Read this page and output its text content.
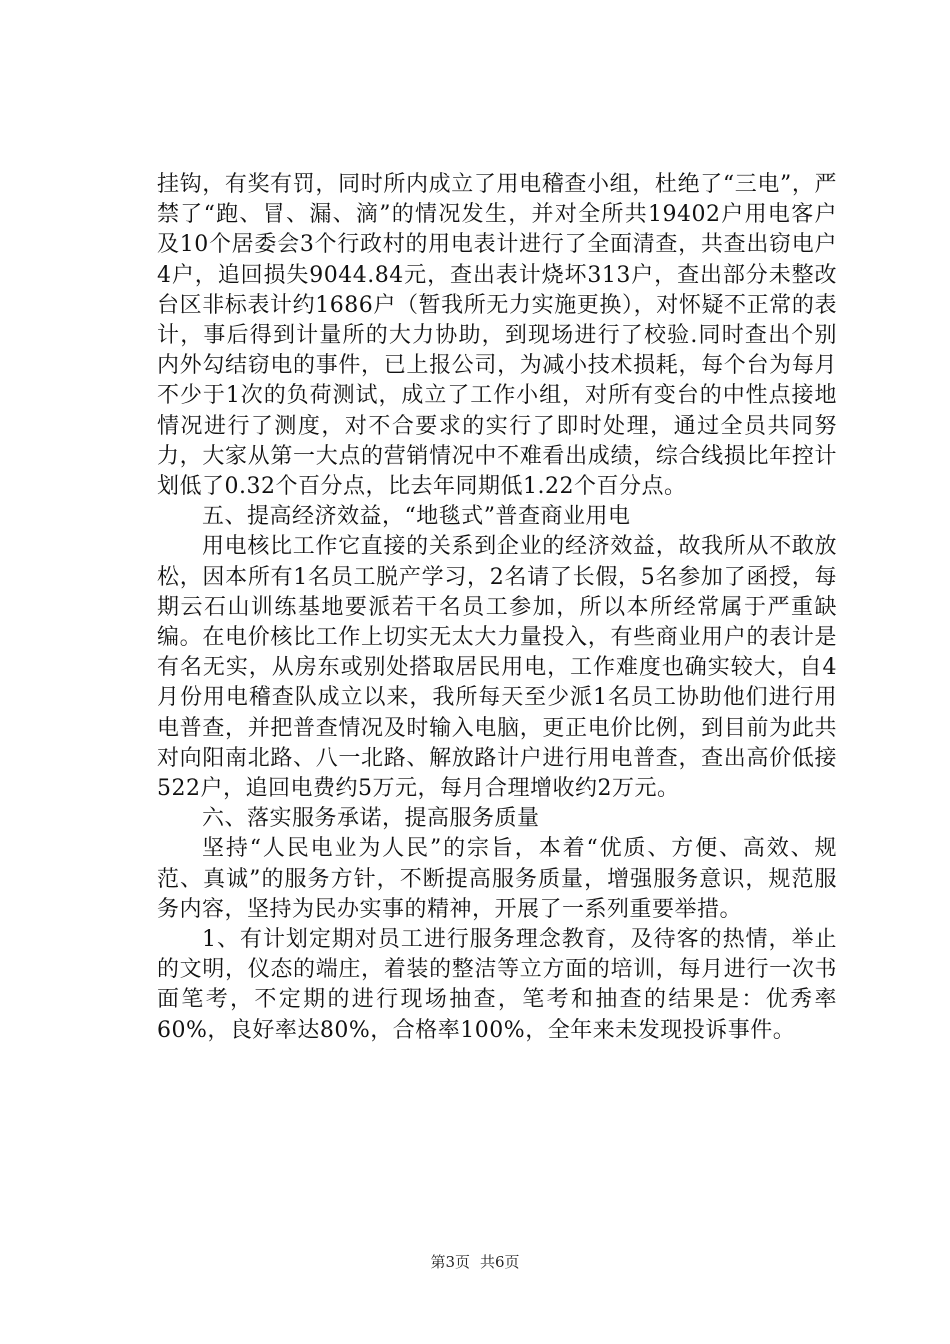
挂钩，有奖有罚，同时所内成立了用电稽查小组，杜绝了“三电”，严禁了“跑、冒、漏、滴”的情况发生，并对全所共19402户用电客户及10个居委会3个行政村的用电表计进行了全面清查，共查出窃电户4户，追回损失9044.84元，查出表计烧坏313户，查出部分未整改台区非标表计约1686户（暂我所无力实施更换），对怀疑不正常的表计，事后得到计量所的大力协助，到现场进行了校验.同时查出个别内外勾结窃电的事件，已上报公司，为减小技术损耗，每个台为每月不少于1次的负荷测试，成立了工作小组，对所有变台的中性点接地情况进行了测度，对不合要求的实行了即时处理，通过全员共同努力，大家从第一大点的营销情况中不难看出成绩，综合线损比年控计划低了0.32个百分点，比去年同期低1.22个百分点。

五、提高经济效益，“地毯式”普查商业用电

用电核比工作它直接的关系到企业的经济效益，故我所从不敢放松，因本所有1名员工脱产学习，2名请了长假，5名参加了函授，每期云石山训练基地要派若干名员工参加，所以本所经常属于严重缺编。在电价核比工作上切实无太大力量投入，有些商业用户的表计是有名无实，从房东或别处搭取居民用电，工作难度也确实较大，自4月份用电稽查队成立以来，我所每天至少派1名员工协助他们进行用电普查，并把普查情况及时输入电脑，更正电价比例，到目前为此共对向阳南北路、八一北路、解放路计户进行用电普查，查出高价低接522户，追回电费约5万元，每月合理增收约2万元。

六、落实服务承诺，提高服务质量

坚持“人民电业为人民”的宗旨，本着“优质、方便、高效、规范、真诚”的服务方针，不断提高服务质量，增强服务意识，规范服务内容，坚持为民办实事的精神，开展了一系列重要举措。

1、有计划定期对员工进行服务理念教育，及待客的热情，举止的文明，仪态的端庄，着装的整洁等立方面的培训，每月进行一次书面笔考，不定期的进行现场抽查，笔考和抽查的结果是：优秀率60%，良好率达80%，合格率100%，全年来未发现投诉事件。

第3页 共6页
